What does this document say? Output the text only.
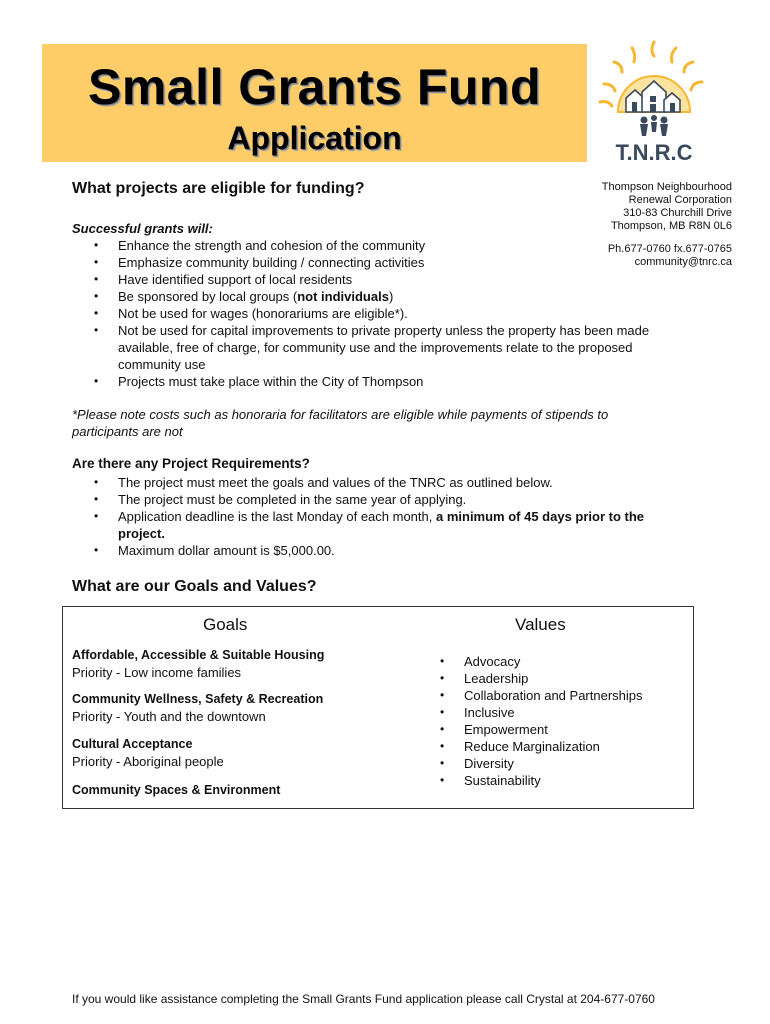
Small Grants Fund
Application	T.N.R.C
Thompson Neighbourhood
Renewal Corporation
310-83 Churchill Drive
Thompson, MB R8N 0L6
Ph.677-0760 fx.677-0765
community@tnrc.ca
What projects are eligible for funding?
Successful grants will:
• Enhance the strength and cohesion of the community
• Emphasize community building / connecting activities
• Have identified support of local residents
• Be sponsored by local groups (not individuals)
• Not be used for wages (honorariums are eligible*).
• Not be used for capital improvements to private property unless the property has been made available, free of charge, for community use and the improvements relate to the proposed community use
• Projects must take place within the City of Thompson
*Please note costs such as honoraria for facilitators are eligible while payments of stipends to participants are not
Are there any Project Requirements?
• The project must meet the goals and values of the TNRC as outlined below.
• The project must be completed in the same year of applying.
• Application deadline is the last Monday of each month, a minimum of 45 days prior to the project.
• Maximum dollar amount is $5,000.00.
What are our Goals and Values?
Goals	Values
Affordable, Accessible & Suitable Housing
Priority - Low income families
Community Wellness, Safety & Recreation
Priority - Youth and the downtown
Cultural Acceptance
Priority - Aboriginal people
Community Spaces & Environment
• Advocacy
• Leadership
• Collaboration and Partnerships
• Inclusive
• Empowerment
• Reduce Marginalization
• Diversity
• Sustainability
If you would like assistance completing the Small Grants Fund application please call Crystal at 204-677-0760
